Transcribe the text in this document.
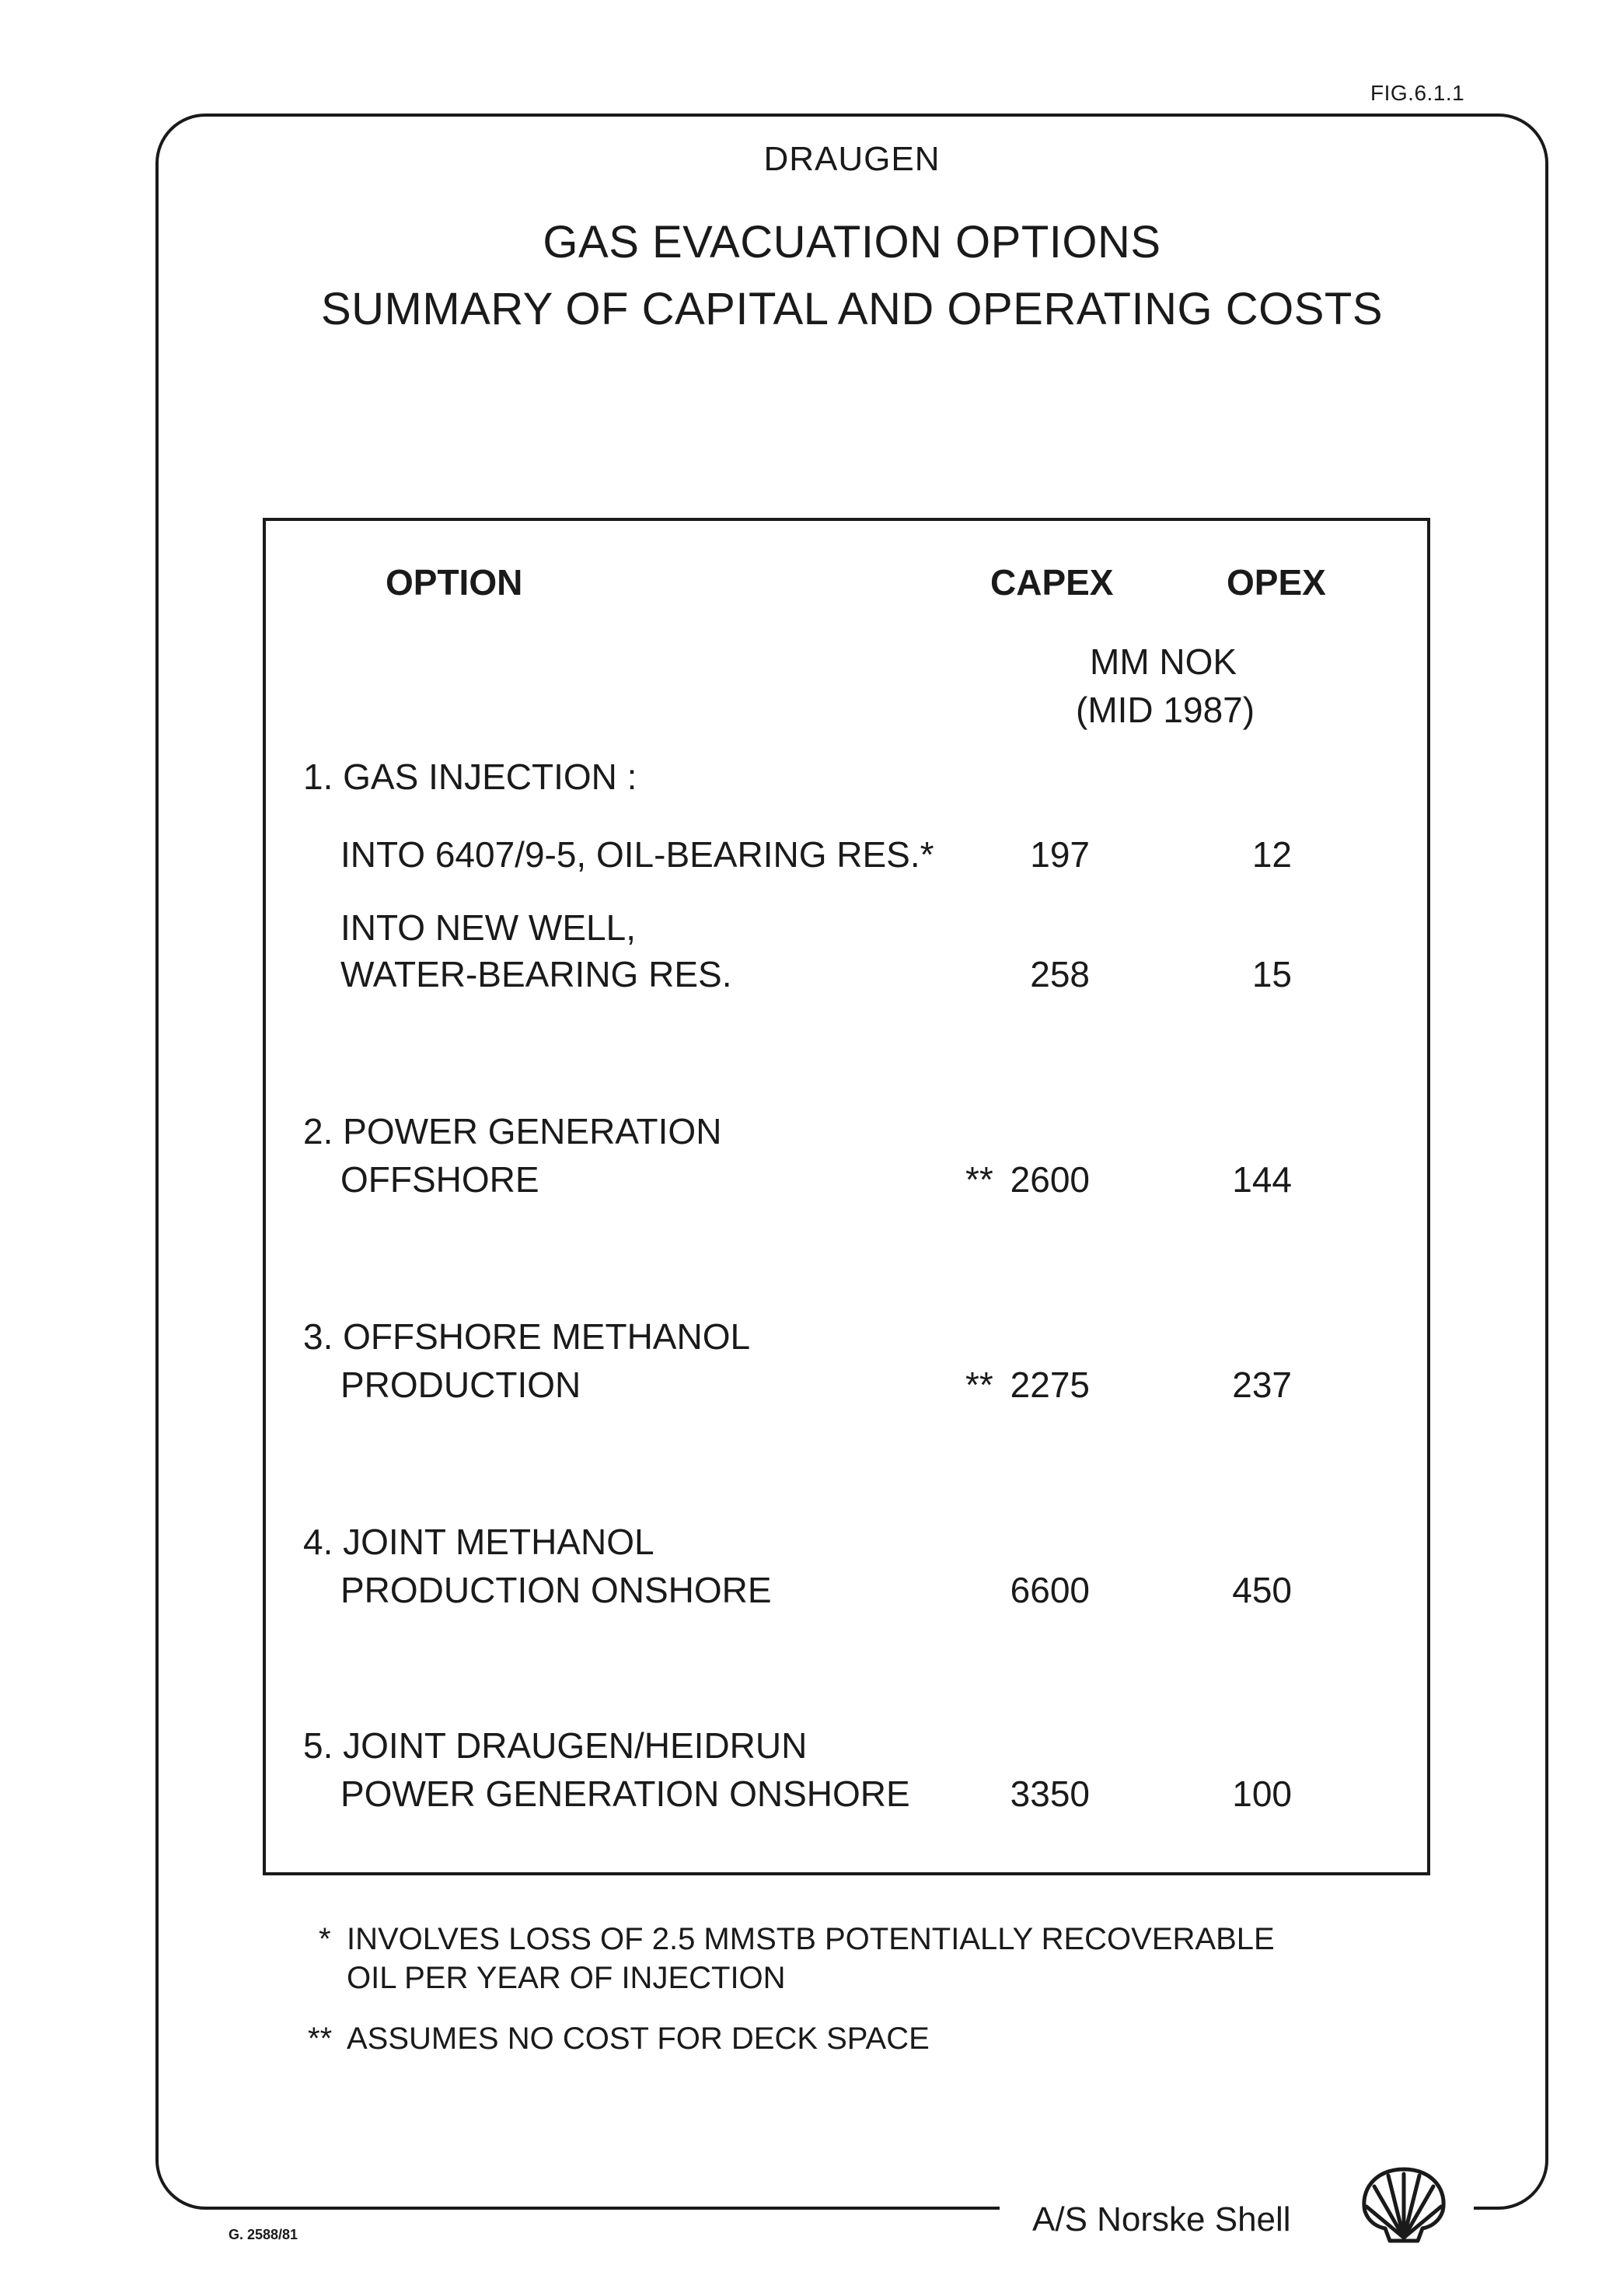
FIG.6.1.1
DRAUGEN
GAS EVACUATION OPTIONS
SUMMARY OF CAPITAL AND OPERATING COSTS
OPTION	CAPEX	OPEX
MM NOK
(MID 1987)
1. GAS INJECTION :
INTO 6407/9-5, OIL-BEARING RES.*	197	12
INTO NEW WELL,
WATER-BEARING RES.	258	15
2. POWER GENERATION
OFFSHORE	** 2600	144
3. OFFSHORE METHANOL
PRODUCTION	** 2275	237
4. JOINT METHANOL
PRODUCTION ONSHORE	6600	450
5. JOINT DRAUGEN/HEIDRUN
POWER GENERATION ONSHORE	3350	100
* INVOLVES LOSS OF 2.5 MMSTB POTENTIALLY RECOVERABLE
OIL PER YEAR OF INJECTION
** ASSUMES NO COST FOR DECK SPACE
G. 2588/81	A/S Norske Shell
